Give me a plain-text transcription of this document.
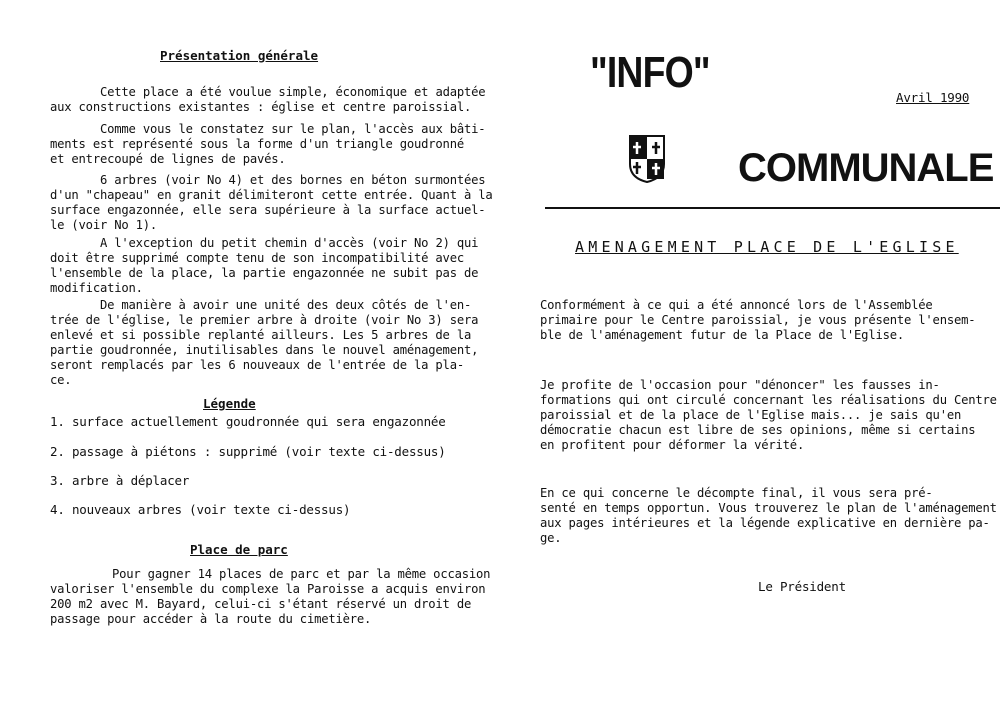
Présentation générale
Cette place a été voulue simple, économique et adaptée
aux constructions existantes : église et centre paroissial.
Comme vous le constatez sur le plan, l'accès aux bâti-
ments est représenté sous la forme d'un triangle goudronné
et entrecoupé de lignes de pavés.
6 arbres (voir No 4) et des bornes en béton surmontées
d'un "chapeau" en granit délimiteront cette entrée. Quant à la
surface engazonnée, elle sera supérieure à la surface actuel-
le (voir No 1).
A l'exception du petit chemin d'accès (voir No 2) qui
doit être supprimé compte tenu de son incompatibilité avec
l'ensemble de la place, la partie engazonnée ne subit pas de
modification.
De manière à avoir une unité des deux côtés de l'en-
trée de l'église, le premier arbre à droite (voir No 3) sera
enlevé et si possible replanté ailleurs. Les 5 arbres de la
partie goudronnée, inutilisables dans le nouvel aménagement,
seront remplacés par les 6 nouveaux de l'entrée de la pla-
ce.
Légende
1. surface actuellement goudronnée qui sera engazonnée
2. passage à piétons : supprimé (voir texte ci-dessus)
3. arbre à déplacer
4. nouveaux arbres (voir texte ci-dessus)
Place de parc
Pour gagner 14 places de parc et par la même occasion
valoriser l'ensemble du complexe la Paroisse a acquis environ
200 m2 avec M. Bayard, celui-ci s'étant réservé un droit de
passage pour accéder à la route du cimetière.
"INFO"
Avril 1990
COMMUNALE
AMENAGEMENT PLACE DE L'EGLISE
Conformément à ce qui a été annoncé lors de l'Assemblée
primaire pour le Centre paroissial, je vous présente l'ensem-
ble de l'aménagement futur de la Place de l'Eglise.
Je profite de l'occasion pour "dénoncer" les fausses in-
formations qui ont circulé concernant les réalisations du Centre
paroissial et de la place de l'Eglise mais... je sais qu'en
démocratie chacun est libre de ses opinions, même si certains
en profitent pour déformer la vérité.
En ce qui concerne le décompte final, il vous sera pré-
senté en temps opportun. Vous trouverez le plan de l'aménagement
aux pages intérieures et la légende explicative en dernière pa-
ge.
Le Président
